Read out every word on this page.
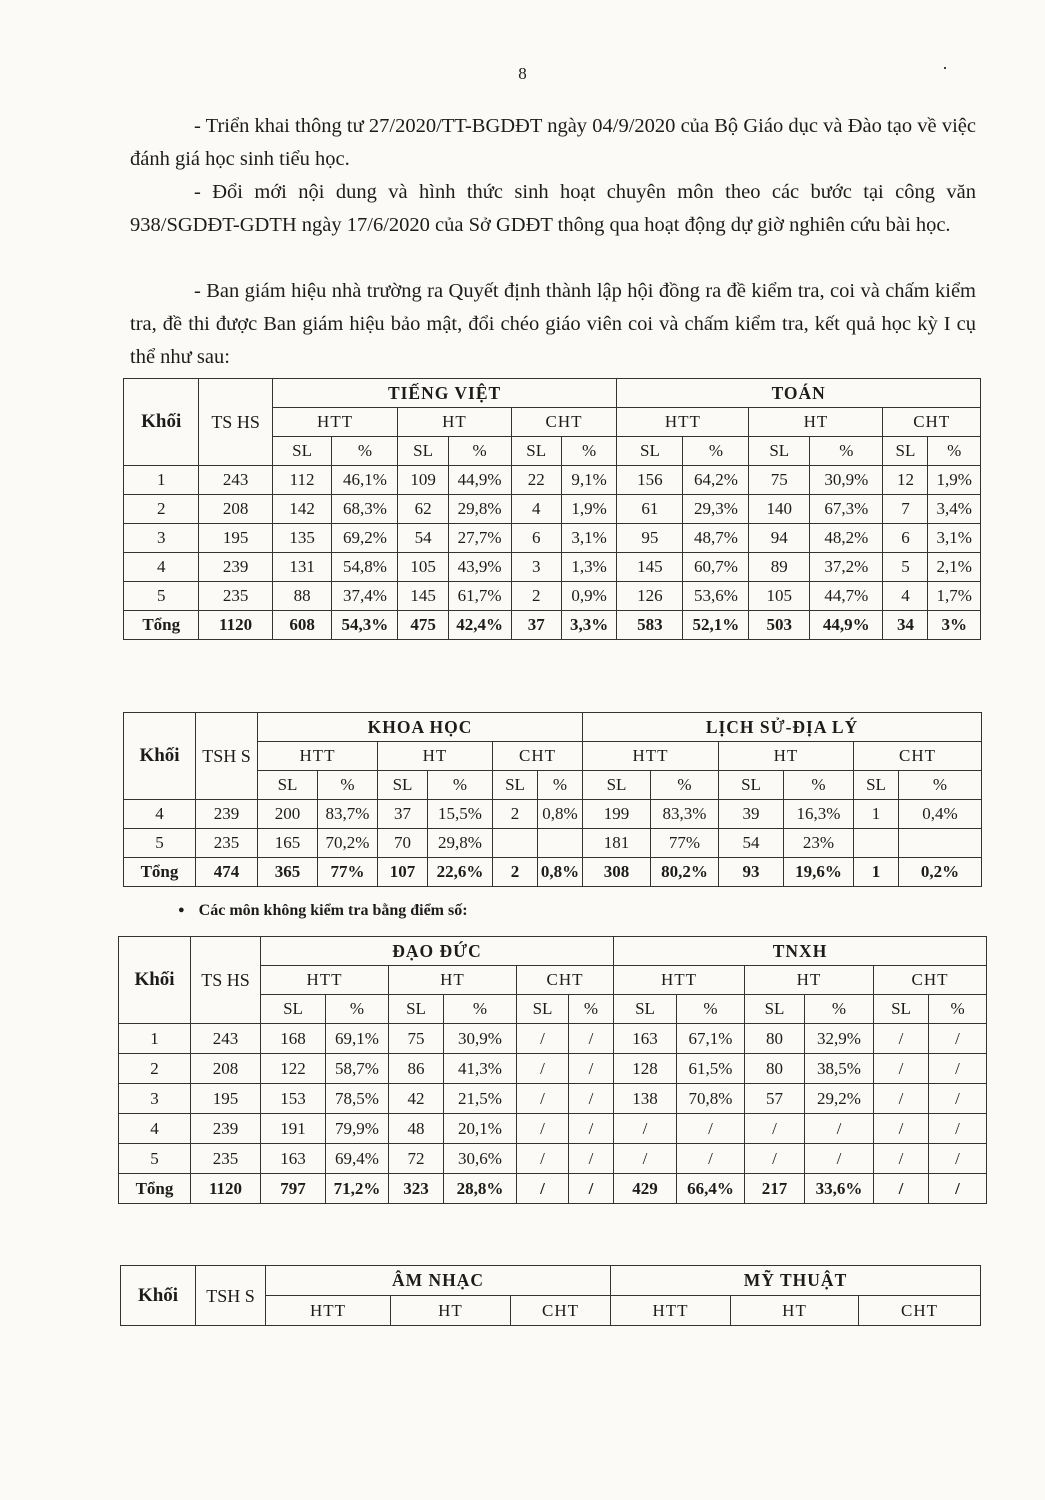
8	·

- Triển khai thông tư 27/2020/TT-BGDĐT ngày 04/9/2020 của Bộ Giáo dục và Đào tạo về việc đánh giá học sinh tiểu học.

- Đổi mới nội dung và hình thức sinh hoạt chuyên môn theo các bước tại công văn 938/SGDĐT-GDTH ngày 17/6/2020 của Sở GDĐT thông qua hoạt động dự giờ nghiên cứu bài học.

- Ban giám hiệu nhà trường ra Quyết định thành lập hội đồng ra đề kiểm tra, coi và chấm kiểm tra, đề thi được Ban giám hiệu bảo mật, đổi chéo giáo viên coi và chấm kiểm tra, kết quả học kỳ I cụ thể như sau:

Khối	TS HS	TIẾNG VIỆT						TOÁN					
		HTT		HT		CHT		HTT		HT		CHT	
		SL	%	SL	%	SL	%	SL	%	SL	%	SL	%
1	243	112	46,1%	109	44,9%	22	9,1%	156	64,2%	75	30,9%	12	1,9%
2	208	142	68,3%	62	29,8%	4	1,9%	61	29,3%	140	67,3%	7	3,4%
3	195	135	69,2%	54	27,7%	6	3,1%	95	48,7%	94	48,2%	6	3,1%
4	239	131	54,8%	105	43,9%	3	1,3%	145	60,7%	89	37,2%	5	2,1%
5	235	88	37,4%	145	61,7%	2	0,9%	126	53,6%	105	44,7%	4	1,7%
Tổng	1120	608	54,3%	475	42,4%	37	3,3%	583	52,1%	503	44,9%	34	3%
Khối	TSH S	KHOA HỌC						LỊCH SỬ-ĐỊA LÝ					
		HTT		HT		CHT		HTT		HT		CHT	
		SL	%	SL	%	SL	%	SL	%	SL	%	SL	%
4	239	200	83,7%	37	15,5%	2	0,8%	199	83,3%	39	16,3%	1	0,4%
5	235	165	70,2%	70	29,8%			181	77%	54	23%		
Tổng	474	365	77%	107	22,6%	2	0,8%	308	80,2%	93	19,6%	1	0,2%
● Các môn không kiểm tra bằng điểm số:
Khối	TS HS	ĐẠO ĐỨC						TNXH					
		HTT		HT		CHT		HTT		HT		CHT	
		SL	%	SL	%	SL	%	SL	%	SL	%	SL	%
1	243	168	69,1%	75	30,9%	/	/	163	67,1%	80	32,9%	/	/
2	208	122	58,7%	86	41,3%	/	/	128	61,5%	80	38,5%	/	/
3	195	153	78,5%	42	21,5%	/	/	138	70,8%	57	29,2%	/	/
4	239	191	79,9%	48	20,1%	/	/	/	/	/	/	/	/
5	235	163	69,4%	72	30,6%	/	/	/	/	/	/	/	/
Tổng	1120	797	71,2%	323	28,8%	/	/	429	66,4%	217	33,6%	/	/
Khối	TSH S	ÂM NHẠC			MỸ THUẬT		
		HTT	HT	CHT	HTT	HT	CHT
